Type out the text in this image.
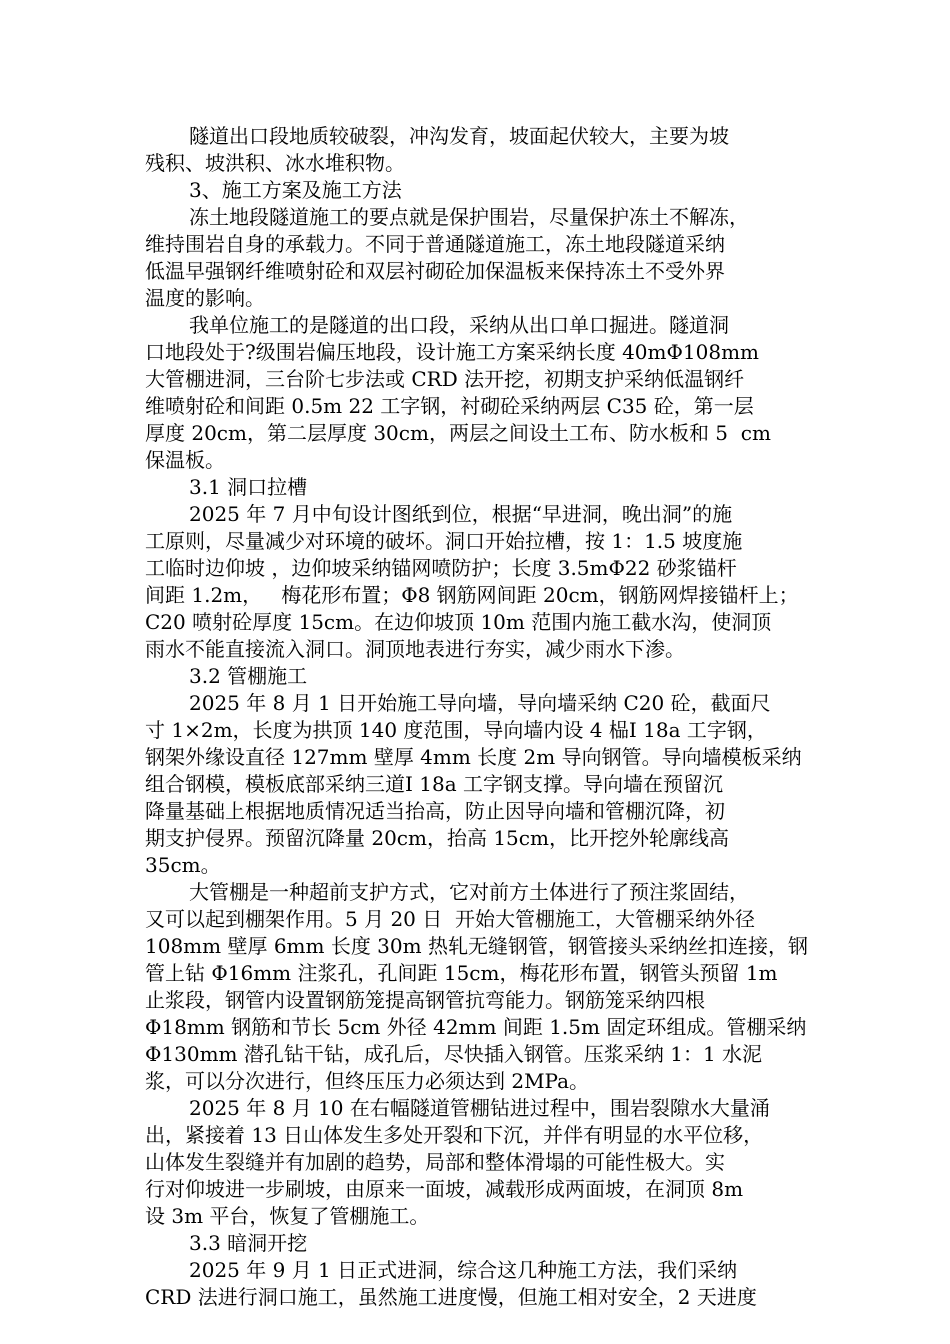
隧道出口段地质较破裂，冲沟发育，坡面起伏较大，主要为坡
残积、坡洪积、冰水堆积物。
3、施工方案及施工方法
冻土地段隧道施工的要点就是保护围岩，尽量保护冻土不解冻，
维持围岩自身的承载力。不同于普通隧道施工，冻土地段隧道采纳
低温早强钢纤维喷射砼和双层衬砌砼加保温板来保持冻土不受外界
温度的影响。
我单位施工的是隧道的出口段，采纳从出口单口掘进。隧道洞
口地段处于?级围岩偏压地段，设计施工方案采纳长度 40mΦ108mm
大管棚进洞，三台阶七步法或 CRD 法开挖，初期支护采纳低温钢纤
维喷射砼和间距 0.5m 22 工字钢，衬砌砼采纳两层 C35 砼，第一层
厚度 20cm，第二层厚度 30cm，两层之间设土工布、防水板和 5  cm
保温板。
3.1 洞口拉槽
2025 年 7 月中旬设计图纸到位，根据“早进洞，晚出洞”的施
工原则，尽量减少对环境的破坏。洞口开始拉槽，按 1：1.5 坡度施
工临时边仰坡 ，边仰坡采纳锚网喷防护；长度 3.5mΦ22 砂浆锚杆
间距 1.2m，   梅花形布置；Φ8 钢筋网间距 20cm，钢筋网焊接锚杆上；
C20 喷射砼厚度 15cm。在边仰坡顶 10m 范围内施工截水沟，使洞顶
雨水不能直接流入洞口。洞顶地表进行夯实，减少雨水下渗。
3.2 管棚施工
2025 年 8 月 1 日开始施工导向墙，导向墙采纳 C20 砼，截面尺
寸 1×2m，长度为拱顶 140 度范围，导向墙内设 4 榀Ⅰ 18a 工字钢，
钢架外缘设直径 127mm 壁厚 4mm 长度 2m 导向钢管。导向墙模板采纳
组合钢模，模板底部采纳三道Ⅰ 18a 工字钢支撑。导向墙在预留沉
降量基础上根据地质情况适当抬高，防止因导向墙和管棚沉降，初
期支护侵界。预留沉降量 20cm，抬高 15cm，比开挖外轮廓线高
35cm。
大管棚是一种超前支护方式，它对前方土体进行了预注浆固结，
又可以起到棚架作用。5 月 20 日  开始大管棚施工，大管棚采纳外径
108mm 壁厚 6mm 长度 30m 热轧无缝钢管，钢管接头采纳丝扣连接，钢
管上钻 Φ16mm 注浆孔，孔间距 15cm，梅花形布置，钢管头预留 1m
止浆段，钢管内设置钢筋笼提高钢管抗弯能力。钢筋笼采纳四根
Φ18mm 钢筋和节长 5cm 外径 42mm 间距 1.5m 固定环组成。管棚采纳
Φ130mm 潜孔钻干钻，成孔后，尽快插入钢管。压浆采纳 1：1 水泥
浆，可以分次进行，但终压压力必须达到 2MPa。
2025 年 8 月 10 在右幅隧道管棚钻进过程中，围岩裂隙水大量涌
出，紧接着 13 日山体发生多处开裂和下沉，并伴有明显的水平位移，
山体发生裂缝并有加剧的趋势，局部和整体滑塌的可能性极大。实
行对仰坡进一步刷坡，由原来一面坡，减载形成两面坡，在洞顶 8m
设 3m 平台，恢复了管棚施工。
3.3 暗洞开挖
2025 年 9 月 1 日正式进洞，综合这几种施工方法，我们采纳
CRD 法进行洞口施工，虽然施工进度慢，但施工相对安全，2 天进度
